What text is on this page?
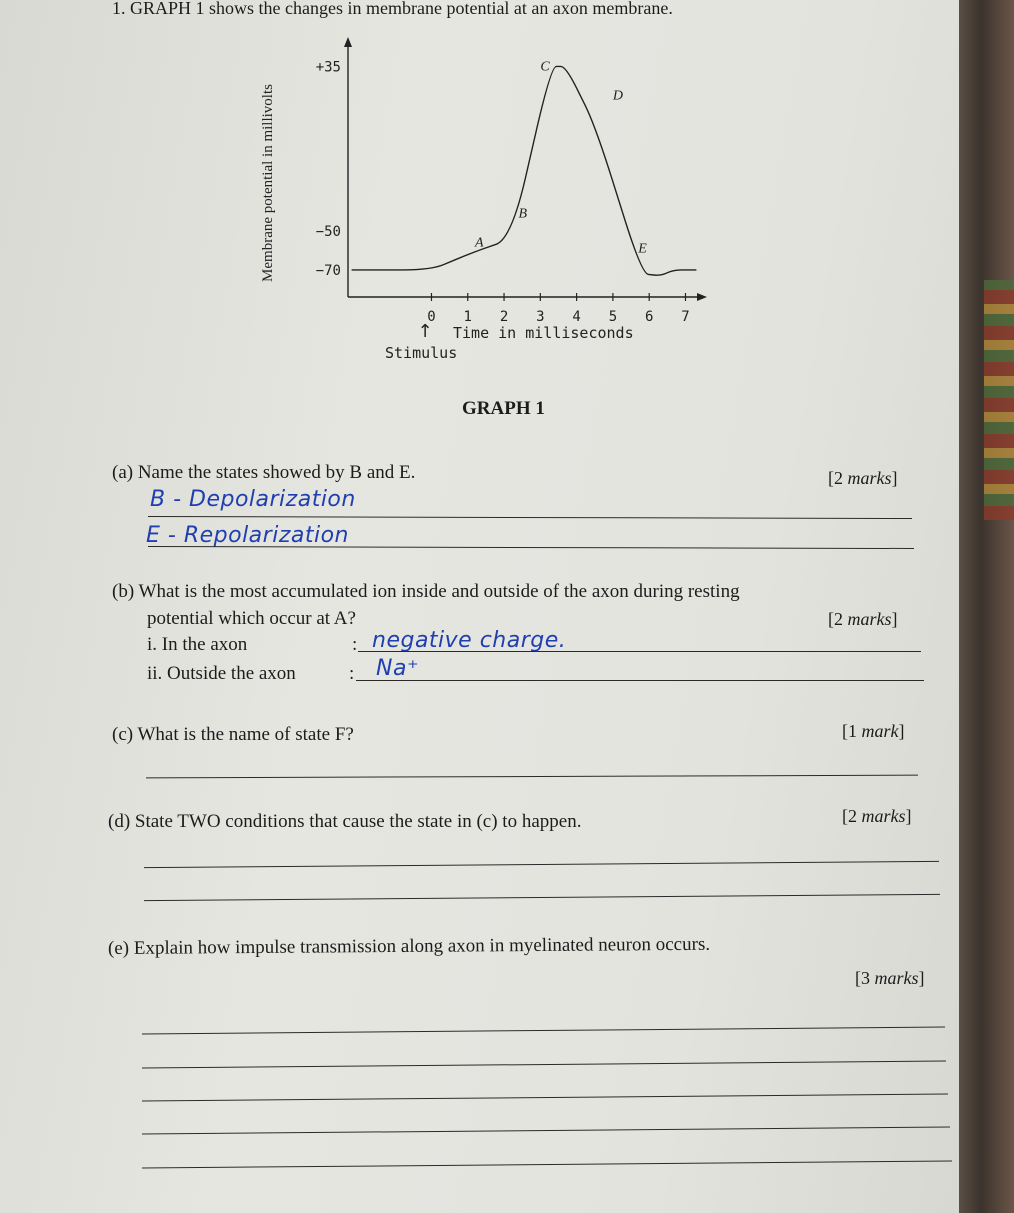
1. GRAPH 1 shows the changes in membrane potential at an axon membrane.
0 1 2 3 4 5 6 7
+35
−50
−70
A
B
C
D
E
Membrane potential in millivolts
↑ Time in milliseconds
Stimulus
GRAPH 1
(a) Name the states showed by B and E.	[2 marks]
B - Depolarization
E - Repolarization
(b) What is the most accumulated ion inside and outside of the axon during resting
potential which occur at A?	[2 marks]
i. In the axon	: negative charge.
ii. Outside the axon	: Na⁺
(c) What is the name of state F?	[1 mark]
(d) State TWO conditions that cause the state in (c) to happen.	[2 marks]
(e) Explain how impulse transmission along axon in myelinated neuron occurs.
[3 marks]
